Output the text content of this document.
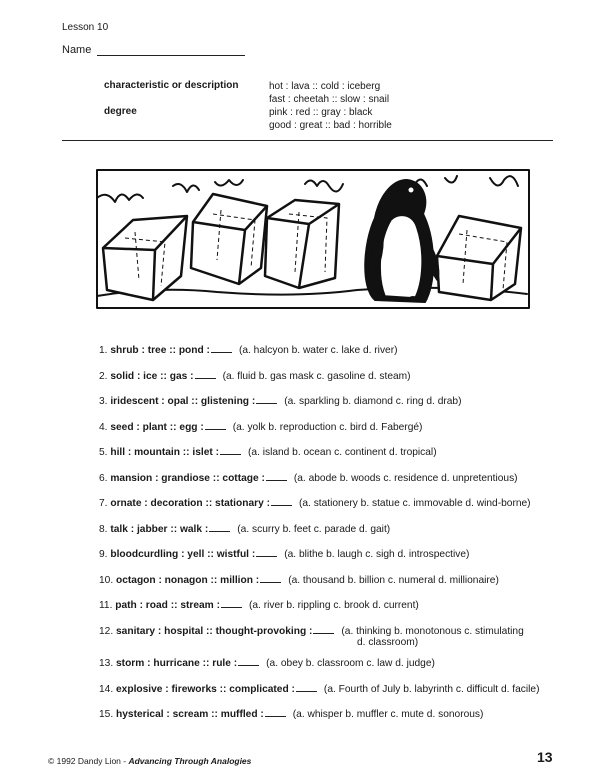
Lesson 10
Name
characteristic or description	hot : lava :: cold : iceberg
fast : cheetah :: slow : snail
degree	pink : red :: gray : black
good : great :: bad : horrible
1. shrub : tree :: pond :	(a. halcyon b. water c. lake d. river)
2. solid : ice :: gas :	(a. fluid b. gas mask c. gasoline d. steam)
3. iridescent : opal :: glistening :	(a. sparkling b. diamond c. ring d. drab)
4. seed : plant :: egg :	(a. yolk b. reproduction c. bird d. Fabergé)
5. hill : mountain :: islet :	(a. island b. ocean c. continent d. tropical)
6. mansion : grandiose :: cottage :	(a. abode b. woods c. residence d. unpretentious)
7. ornate : decoration :: stationary :	(a. stationery b. statue c. immovable d. wind-borne)
8. talk : jabber :: walk :	(a. scurry b. feet c. parade d. gait)
9. bloodcurdling : yell :: wistful :	(a. blithe b. laugh c. sigh d. introspective)
10. octagon : nonagon :: million :	(a. thousand b. billion c. numeral d. millionaire)
11. path : road :: stream :	(a. river b. rippling c. brook d. current)
12. sanitary : hospital :: thought-provoking :	(a. thinking b. monotonous c. stimulating
d. classroom)
13. storm : hurricane :: rule :	(a. obey b. classroom c. law d. judge)
14. explosive : fireworks :: complicated :	(a. Fourth of July b. labyrinth c. difficult d. facile)
15. hysterical : scream :: muffled :	(a. whisper b. muffler c. mute d. sonorous)
© 1992 Dandy Lion - Advancing Through Analogies	13
